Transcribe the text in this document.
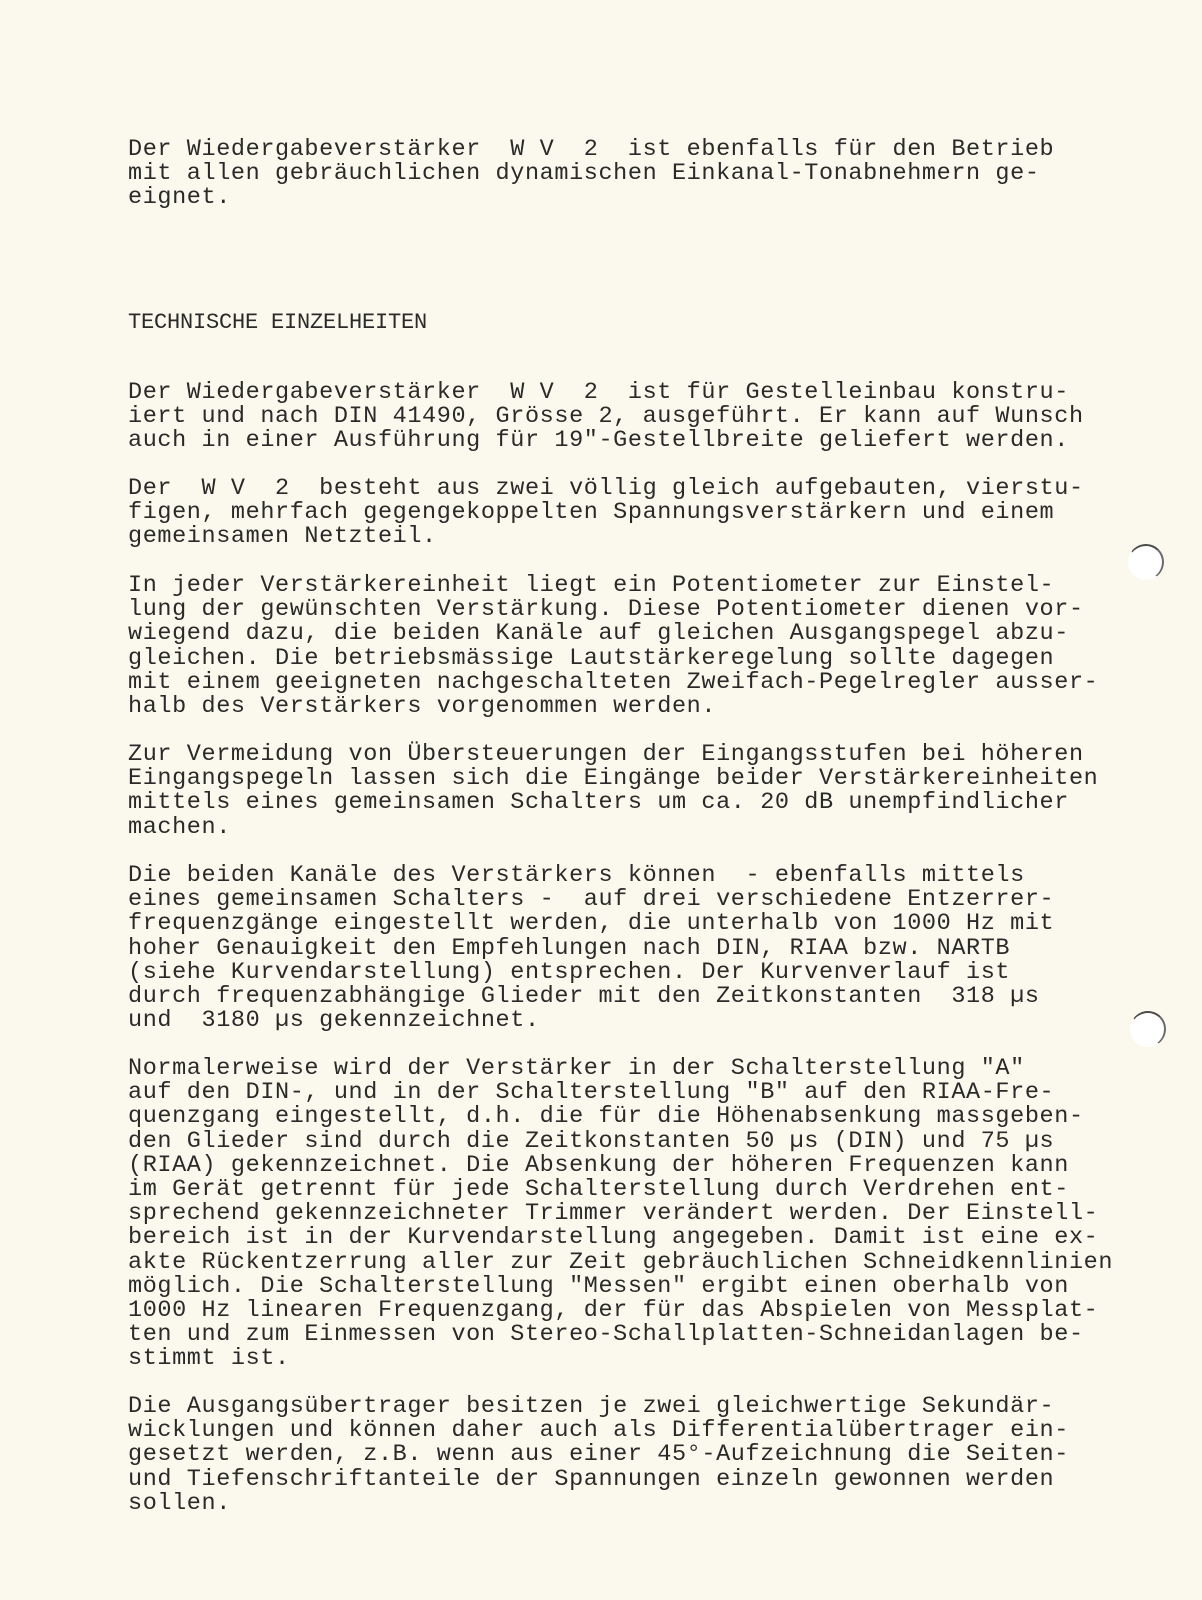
Der Wiedergabeverstärker  W V  2  ist ebenfalls für den Betrieb
mit allen gebräuchlichen dynamischen Einkanal-Tonabnehmern ge-
eignet.
TECHNISCHE EINZELHEITEN
Der Wiedergabeverstärker  W V  2  ist für Gestelleinbau konstru-
iert und nach DIN 41490, Grösse 2, ausgeführt. Er kann auf Wunsch
auch in einer Ausführung für 19"-Gestellbreite geliefert werden.
Der  W V  2  besteht aus zwei völlig gleich aufgebauten, vierstu-
figen, mehrfach gegengekoppelten Spannungsverstärkern und einem
gemeinsamen Netzteil.
In jeder Verstärkereinheit liegt ein Potentiometer zur Einstel-
lung der gewünschten Verstärkung. Diese Potentiometer dienen vor-
wiegend dazu, die beiden Kanäle auf gleichen Ausgangspegel abzu-
gleichen. Die betriebsmässige Lautstärkeregelung sollte dagegen
mit einem geeigneten nachgeschalteten Zweifach-Pegelregler ausser-
halb des Verstärkers vorgenommen werden.
Zur Vermeidung von Übersteuerungen der Eingangsstufen bei höheren
Eingangspegeln lassen sich die Eingänge beider Verstärkereinheiten
mittels eines gemeinsamen Schalters um ca. 20 dB unempfindlicher
machen.
Die beiden Kanäle des Verstärkers können  - ebenfalls mittels
eines gemeinsamen Schalters -  auf drei verschiedene Entzerrer-
frequenzgänge eingestellt werden, die unterhalb von 1000 Hz mit
hoher Genauigkeit den Empfehlungen nach DIN, RIAA bzw. NARTB
(siehe Kurvendarstellung) entsprechen. Der Kurvenverlauf ist
durch frequenzabhängige Glieder mit den Zeitkonstanten  318 µs
und  3180 µs gekennzeichnet.
Normalerweise wird der Verstärker in der Schalterstellung "A"
auf den DIN-, und in der Schalterstellung "B" auf den RIAA-Fre-
quenzgang eingestellt, d.h. die für die Höhenabsenkung massgeben-
den Glieder sind durch die Zeitkonstanten 50 µs (DIN) und 75 µs
(RIAA) gekennzeichnet. Die Absenkung der höheren Frequenzen kann
im Gerät getrennt für jede Schalterstellung durch Verdrehen ent-
sprechend gekennzeichneter Trimmer verändert werden. Der Einstell-
bereich ist in der Kurvendarstellung angegeben. Damit ist eine ex-
akte Rückentzerrung aller zur Zeit gebräuchlichen Schneidkennlinien
möglich. Die Schalterstellung "Messen" ergibt einen oberhalb von
1000 Hz linearen Frequenzgang, der für das Abspielen von Messplat-
ten und zum Einmessen von Stereo-Schallplatten-Schneidanlagen be-
stimmt ist.
Die Ausgangsübertrager besitzen je zwei gleichwertige Sekundär-
wicklungen und können daher auch als Differentialübertrager ein-
gesetzt werden, z.B. wenn aus einer 45°-Aufzeichnung die Seiten-
und Tiefenschriftanteile der Spannungen einzeln gewonnen werden
sollen.
